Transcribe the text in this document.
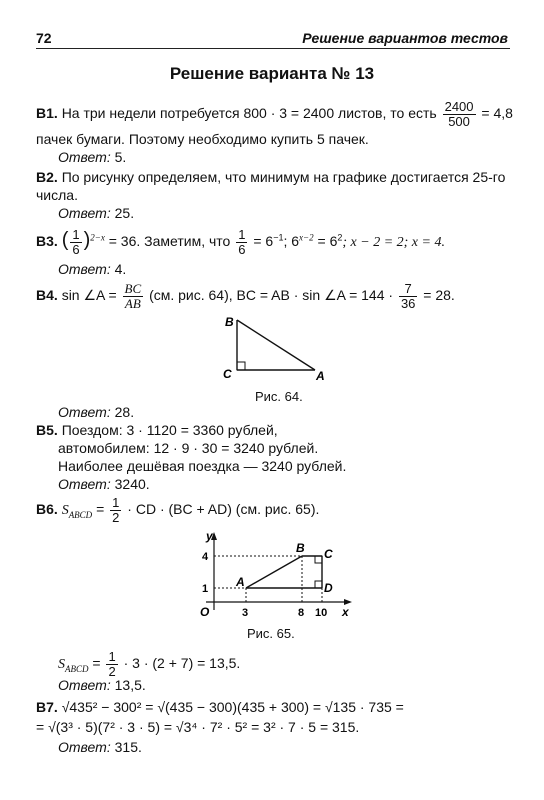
72	Решение вариантов тестов
Решение варианта № 13
В1. На три недели потребуется 800 · 3 = 2400 листов, то есть $\frac{2400}{500} = 4,8$
пачек бумаги. Поэтому необходимо купить 5 пачек.
Ответ: 5.
В2. По рисунку определяем, что минимум на графике достигается 25-го
числа.
Ответ: 25.
В3. ( $\frac{1}{6} )^{2-x} = 36$. Заметим, что $\frac{1}{6} = 6^{-1}$; $6^{x-2} = 6^2$; x − 2 = 2; x = 4.
Ответ: 4.
В4. sin ∠A = $\frac{BC}{AB} (см$. рис. 64), BC = AB · sin ∠A = $144 \cdot \frac{7}{36} = 28$.
B
C	A
Рис. 64.
Ответ: 28.
В5. Поездом: 3 · 1120 = 3360 рублей,
автомобилем: 12 · 9 · 30 = 3240 рублей.
Наиболее дешёвая поездка — 3240 рублей.
Ответ: 3240.
В6. $S_{ABCD} = \frac{1}{2}$ · CD · (BC + AD) (см. рис. 65).
y
x
O
4
1
3	8 10
A
B C
D
Рис. 65.
$S_{ABCD} = \frac{1}{2} \cdot 3 \cdot (2 + 7) = 13,5$.
Ответ: 13,5.
В7. √435² − 300² = √(435 − 300)(435 + 300) = √135 · 735 =
= √(3³ · 5)(7² · 3 · 5) = √3⁴ · 7² · 5² = 3² · 7 · 5 = 315.
Ответ: 315.
